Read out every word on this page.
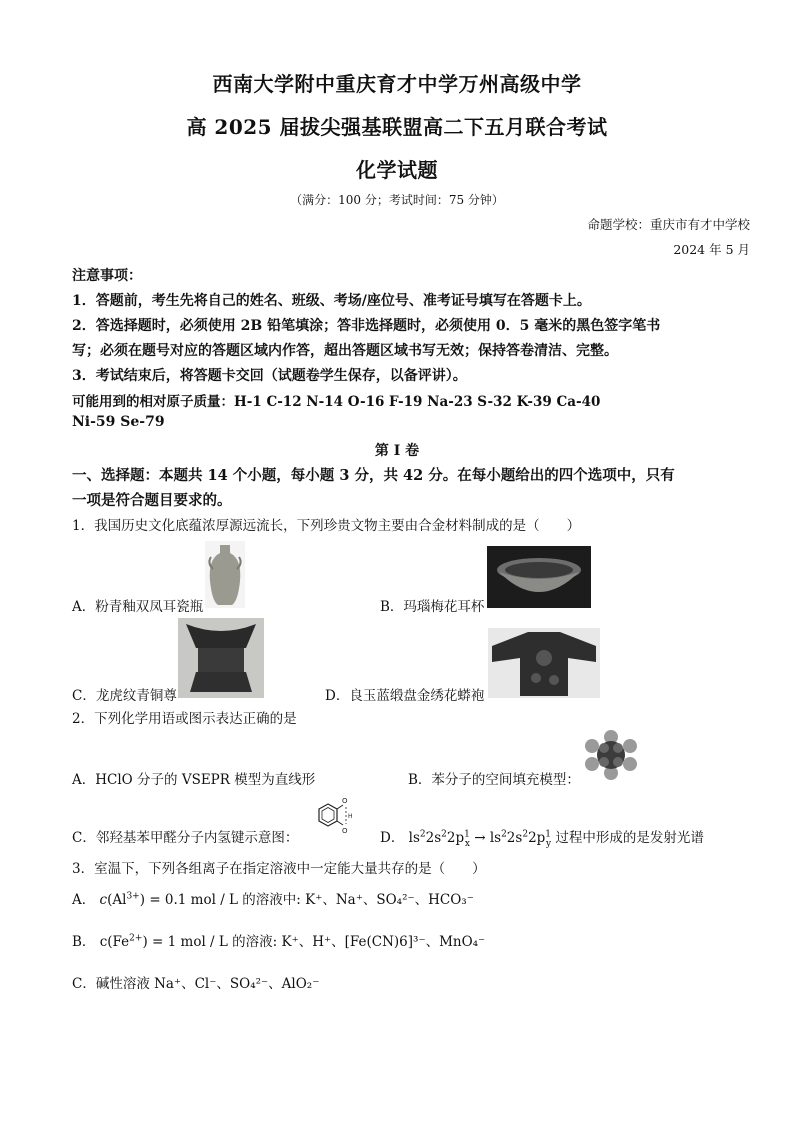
西南大学附中重庆育才中学万州高级中学
高 2025 届拔尖强基联盟高二下五月联合考试
化学试题
（满分：100 分；考试时间：75 分钟）
命题学校：重庆市有才中学校
2024 年 5 月
注意事项：
1．答题前，考生先将自己的姓名、班级、考场/座位号、准考证号填写在答题卡上。
2．答选择题时，必须使用 2B 铅笔填涂；答非选择题时，必须使用 0．5 毫米的黑色签字笔书
写；必须在题号对应的答题区域内作答，超出答题区域书写无效；保持答卷清洁、完整。
3．考试结束后，将答题卡交回（试题卷学生保存，以备评讲）。
可能用到的相对原子质量：H-1 C-12 N-14 O-16 F-19 Na-23 S-32 K-39 Ca-40
Ni-59 Se-79
第 I 卷
一、选择题：本题共 14 个小题，每小题 3 分，共 42 分。在每小题给出的四个选项中，只有
一项是符合题目要求的。
1．我国历史文化底蕴浓厚源远流长，下列珍贵文物主要由合金材料制成的是（　　）
A．粉青釉双凤耳瓷瓶	B．玛瑙梅花耳杯
C．龙虎纹青铜尊	D．良玉蓝缎盘金绣花蟒袍
2．下列化学用语或图示表达正确的是
A．HClO 分子的 VSEPR 模型为直线形	B．苯分子的空间填充模型：
C．邻羟基苯甲醛分子内氢键示意图：
O
O
H
D． $ls^22s^22p^1_x \to ls^22s^22p^1_y$ 过程中形成的是发射光谱
3．室温下，下列各组离子在指定溶液中一定能大量共存的是（　　）
A． $c(Al^{3+}) = 0.1$ mol / L 的溶液中: K⁺、Na⁺、SO₄²⁻、HCO₃⁻
B． $c(Fe^{2+}) = 1$ mol / L 的溶液: K⁺、H⁺、[Fe(CN)6]³⁻、MnO₄⁻
C．碱性溶液 Na⁺、Cl⁻、SO₄²⁻、AlO₂⁻
